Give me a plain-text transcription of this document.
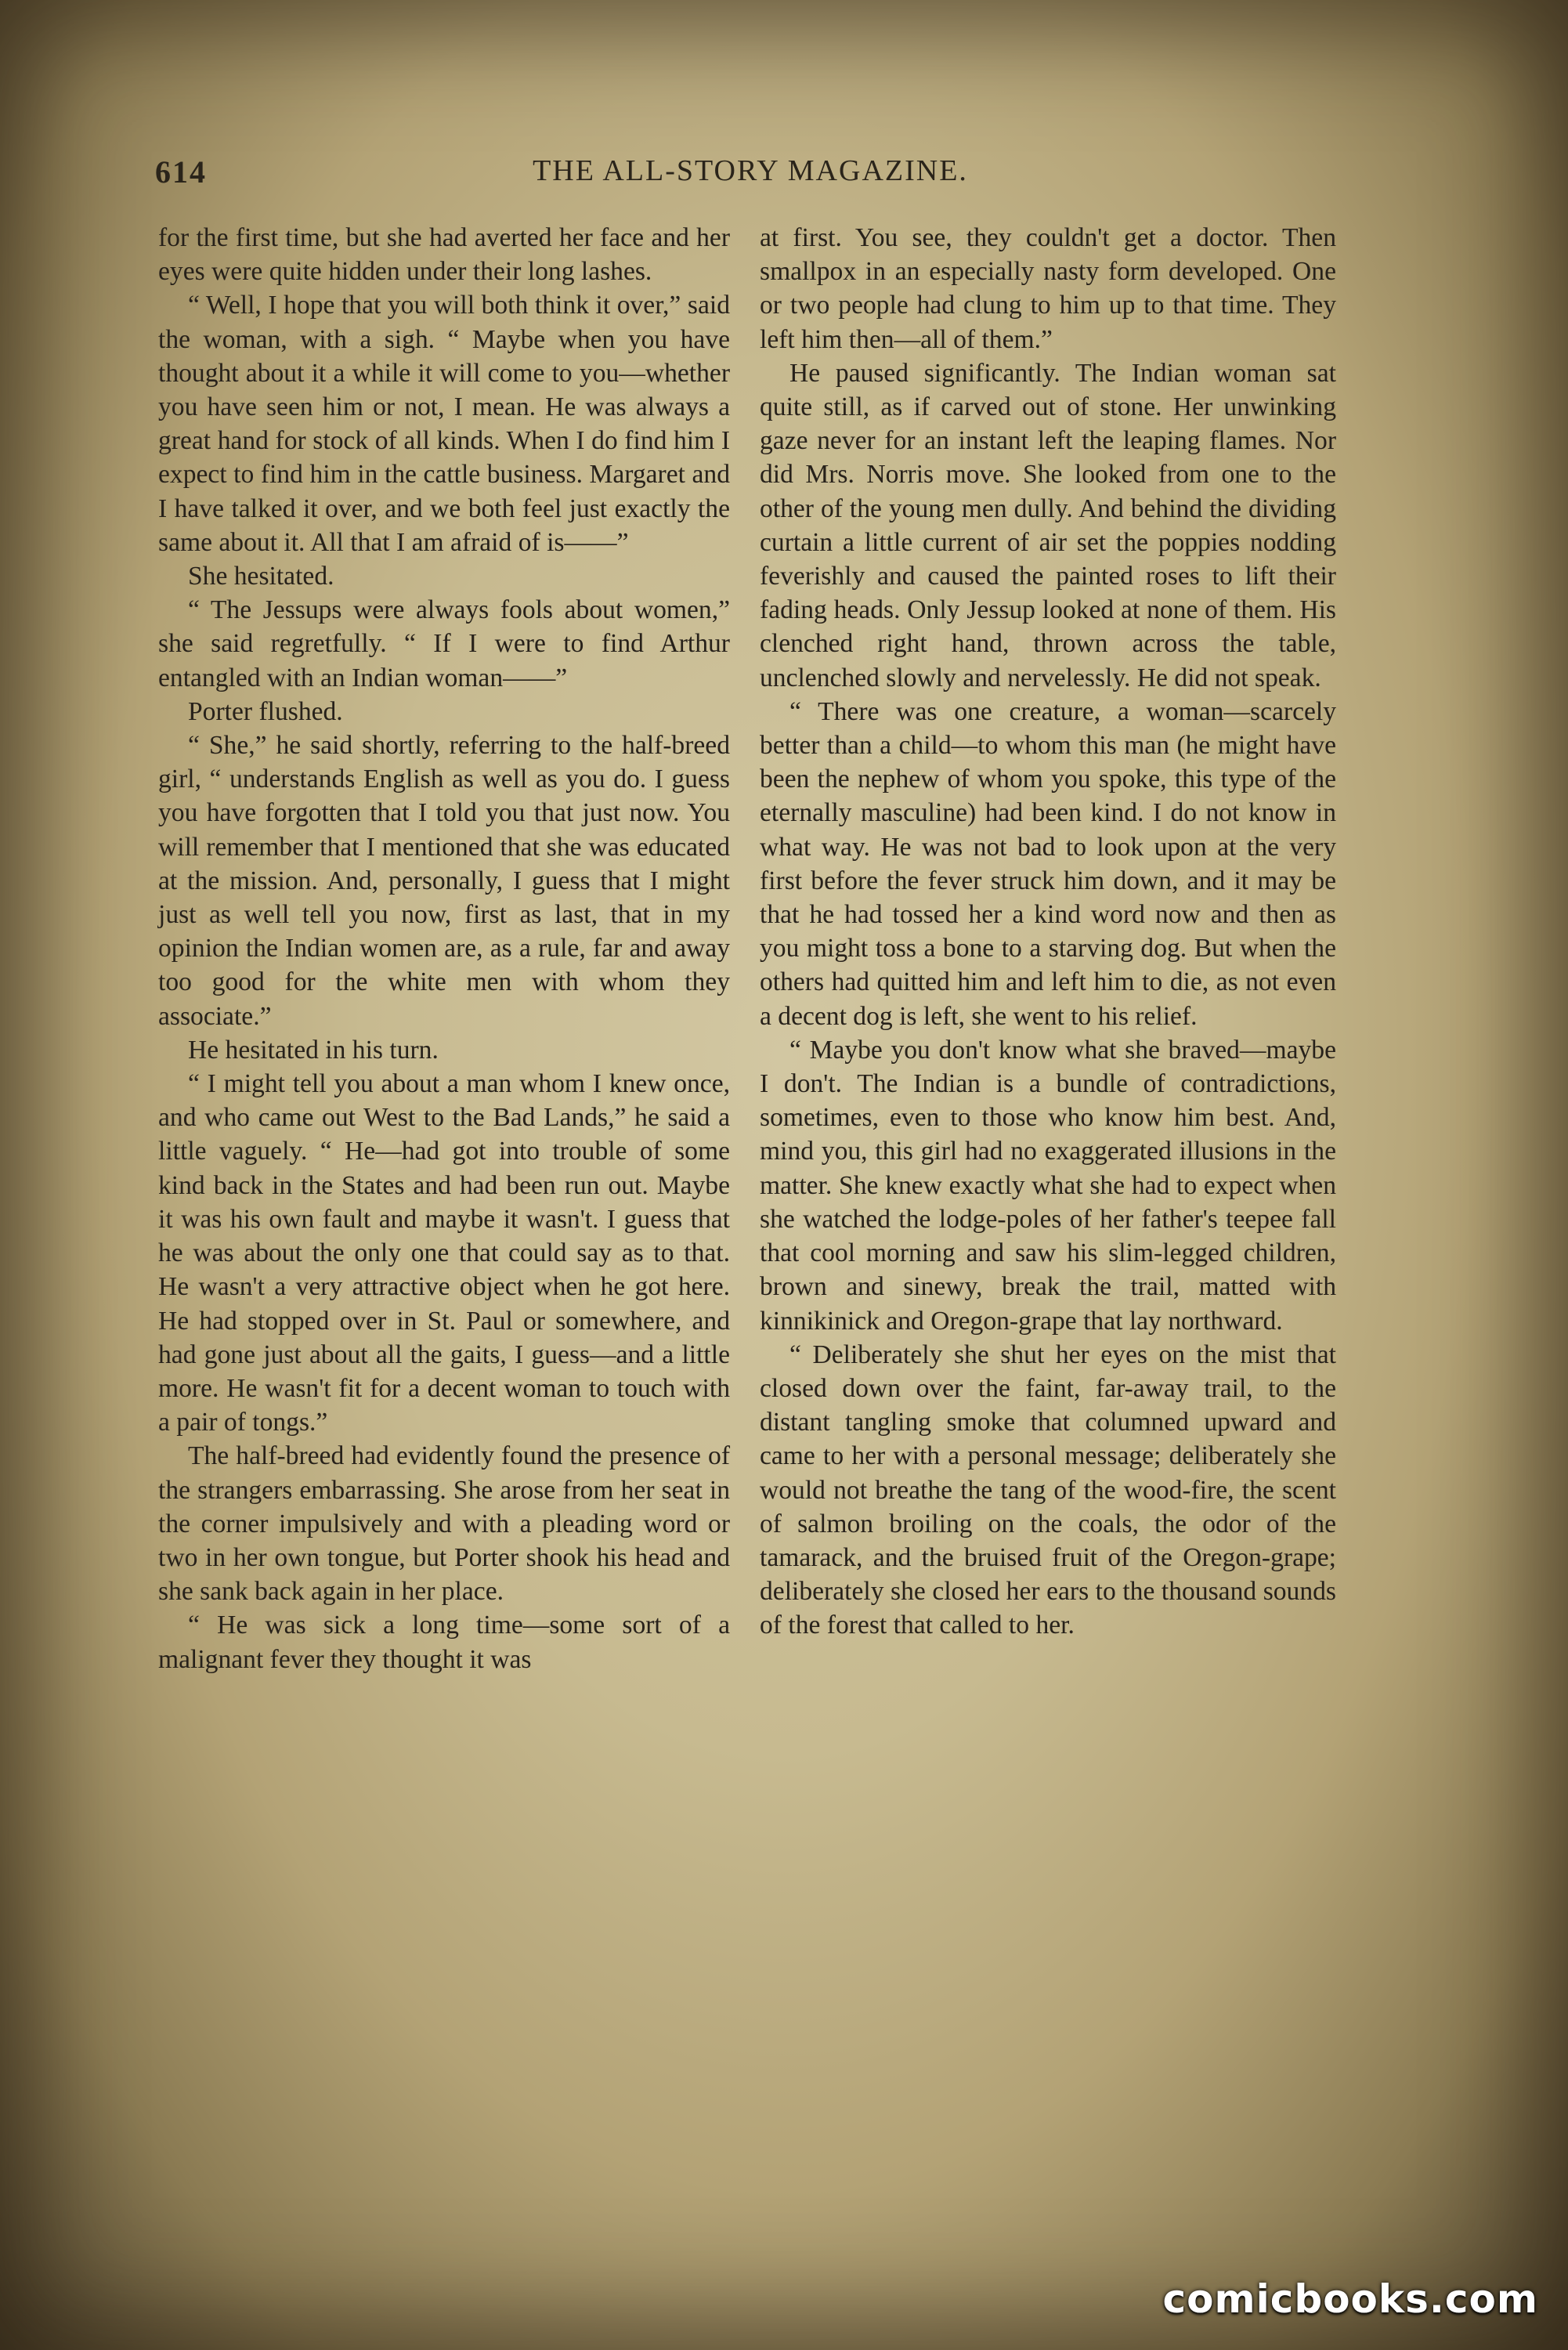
614	THE ALL-STORY MAGAZINE.

for the first time, but she had averted her face and her eyes were quite hidden under their long lashes.

“ Well, I hope that you will both think it over,” said the woman, with a sigh. “ Maybe when you have thought about it a while it will come to you—whether you have seen him or not, I mean. He was always a great hand for stock of all kinds. When I do find him I expect to find him in the cattle business. Margaret and I have talked it over, and we both feel just exactly the same about it. All that I am afraid of is——”

She hesitated.

“ The Jessups were always fools about women,” she said regretfully. “ If I were to find Arthur entangled with an Indian woman——”

Porter flushed.

“ She,” he said shortly, referring to the half-breed girl, “ understands English as well as you do. I guess you have forgotten that I told you that just now. You will remember that I mentioned that she was educated at the mission. And, personally, I guess that I might just as well tell you now, first as last, that in my opinion the Indian women are, as a rule, far and away too good for the white men with whom they associate.”

He hesitated in his turn.

“ I might tell you about a man whom I knew once, and who came out West to the Bad Lands,” he said a little vaguely. “ He—had got into trouble of some kind back in the States and had been run out. Maybe it was his own fault and maybe it wasn't. I guess that he was about the only one that could say as to that. He wasn't a very attractive object when he got here. He had stopped over in St. Paul or somewhere, and had gone just about all the gaits, I guess—and a little more. He wasn't fit for a decent woman to touch with a pair of tongs.”

The half-breed had evidently found the presence of the strangers embarrassing. She arose from her seat in the corner impulsively and with a pleading word or two in her own tongue, but Porter shook his head and she sank back again in her place.

“ He was sick a long time—some sort of a malignant fever they thought it was

at first. You see, they couldn't get a doctor. Then smallpox in an especially nasty form developed. One or two people had clung to him up to that time. They left him then—all of them.”

He paused significantly. The Indian woman sat quite still, as if carved out of stone. Her unwinking gaze never for an instant left the leaping flames. Nor did Mrs. Norris move. She looked from one to the other of the young men dully. And behind the dividing curtain a little current of air set the poppies nodding feverishly and caused the painted roses to lift their fading heads. Only Jessup looked at none of them. His clenched right hand, thrown across the table, unclenched slowly and nervelessly. He did not speak.

“ There was one creature, a woman—scarcely better than a child—to whom this man (he might have been the nephew of whom you spoke, this type of the eternally masculine) had been kind. I do not know in what way. He was not bad to look upon at the very first before the fever struck him down, and it may be that he had tossed her a kind word now and then as you might toss a bone to a starving dog. But when the others had quitted him and left him to die, as not even a decent dog is left, she went to his relief.

“ Maybe you don't know what she braved—maybe I don't. The Indian is a bundle of contradictions, sometimes, even to those who know him best. And, mind you, this girl had no exaggerated illusions in the matter. She knew exactly what she had to expect when she watched the lodge-poles of her father's teepee fall that cool morning and saw his slim-legged children, brown and sinewy, break the trail, matted with kinnikinick and Oregon-grape that lay northward.

“ Deliberately she shut her eyes on the mist that closed down over the faint, far-away trail, to the distant tangling smoke that columned upward and came to her with a personal message; deliberately she would not breathe the tang of the wood-fire, the scent of salmon broiling on the coals, the odor of the tamarack, and the bruised fruit of the Oregon-grape; deliberately she closed her ears to the thousand sounds of the forest that called to her.

comicbooks.com
